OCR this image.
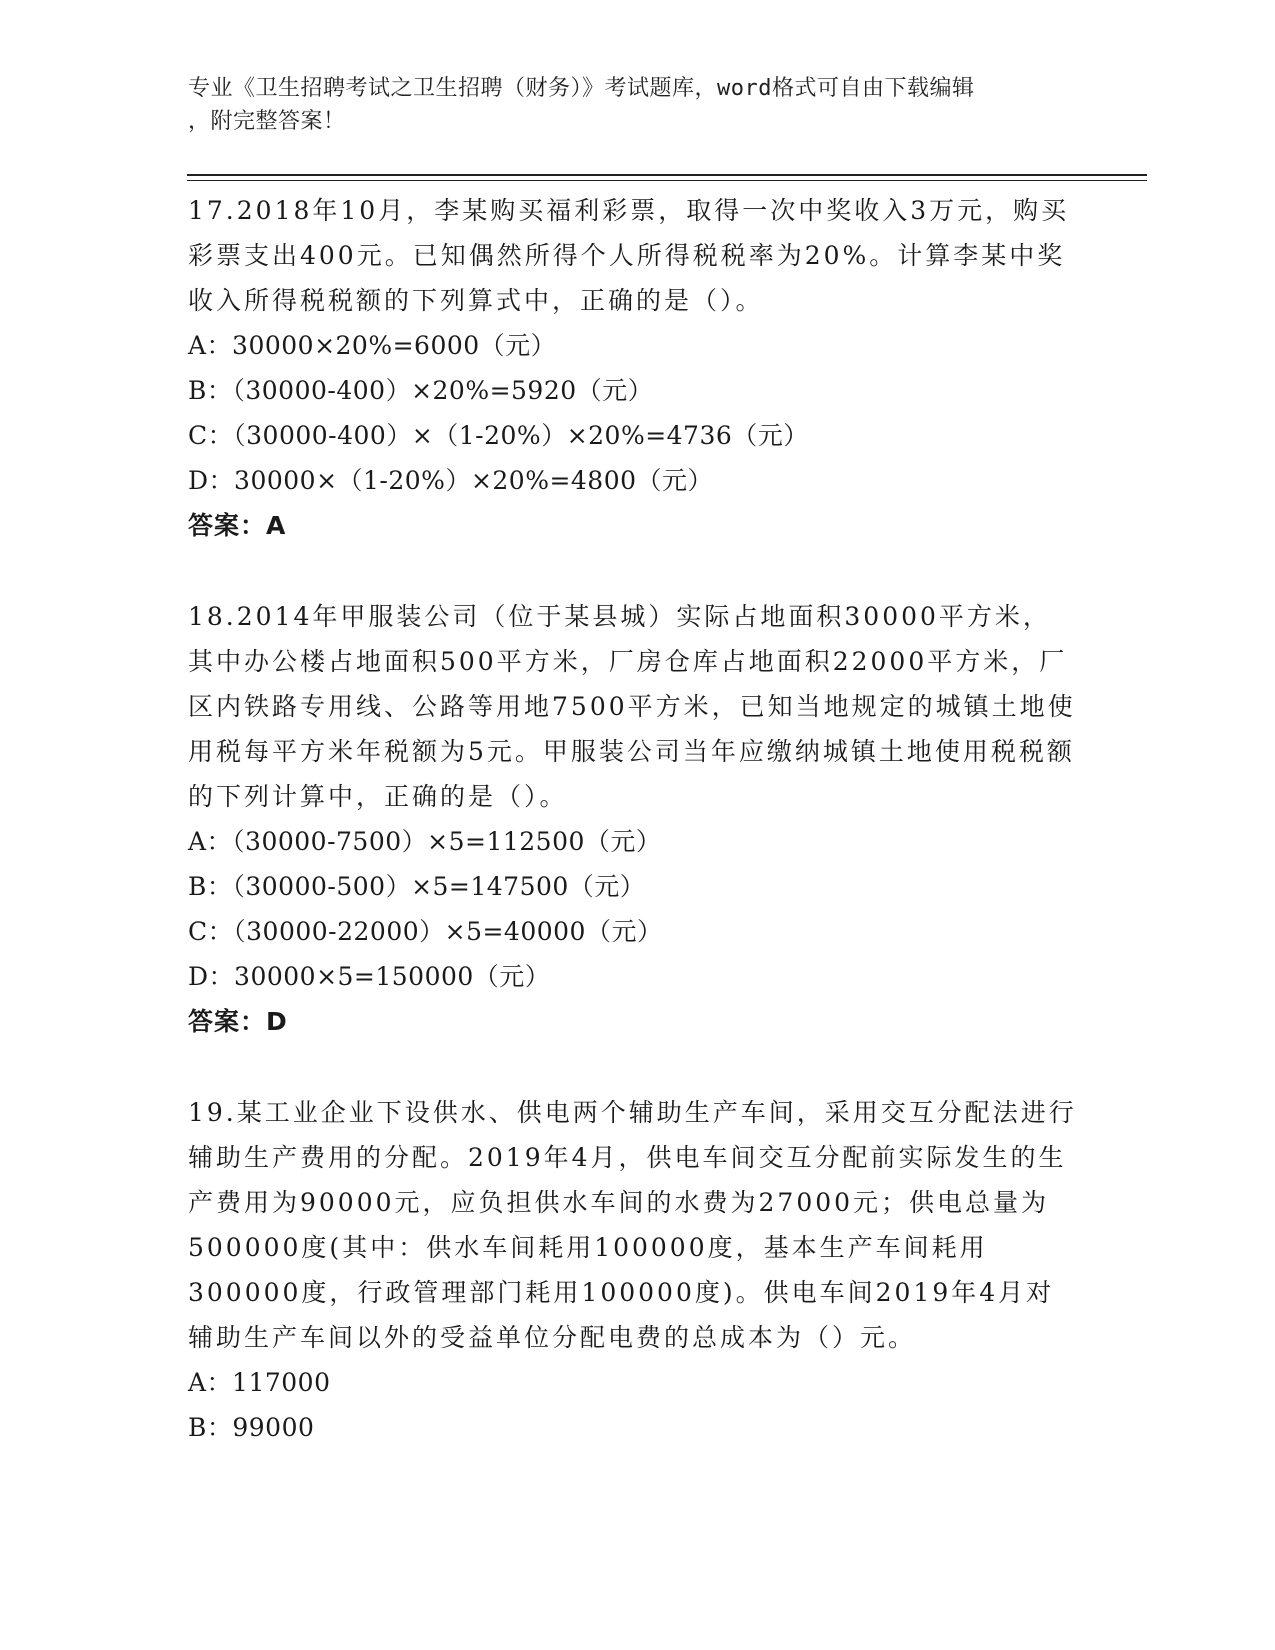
专业《卫生招聘考试之卫生招聘（财务）》考试题库，word格式可自由下载编辑
，附完整答案！

17.2018年10月，李某购买福利彩票，取得一次中奖收入3万元，购买彩票支出400元。已知偶然所得个人所得税税率为20%。计算李某中奖收入所得税税额的下列算式中，正确的是（）。

A：30000×20%=6000（元）

B：（30000-400）×20%=5920（元）

C：（30000-400）×（1-20%）×20%=4736（元）

D：30000×（1-20%）×20%=4800（元）

答案：A

18.2014年甲服装公司（位于某县城）实际占地面积30000平方米，其中办公楼占地面积500平方米，厂房仓库占地面积22000平方米，厂区内铁路专用线、公路等用地7500平方米，已知当地规定的城镇土地使用税每平方米年税额为5元。甲服装公司当年应缴纳城镇土地使用税税额的下列计算中，正确的是（）。

A：（30000-7500）×5=112500（元）

B：（30000-500）×5=147500（元）

C：（30000-22000）×5=40000（元）

D：30000×5=150000（元）

答案：D

19.某工业企业下设供水、供电两个辅助生产车间，采用交互分配法进行辅助生产费用的分配。2019年4月，供电车间交互分配前实际发生的生产费用为90000元，应负担供水车间的水费为27000元；供电总量为500000度(其中：供水车间耗用100000度，基本生产车间耗用300000度，行政管理部门耗用100000度)。供电车间2019年4月对辅助生产车间以外的受益单位分配电费的总成本为（）元。

A：117000

B：99000
